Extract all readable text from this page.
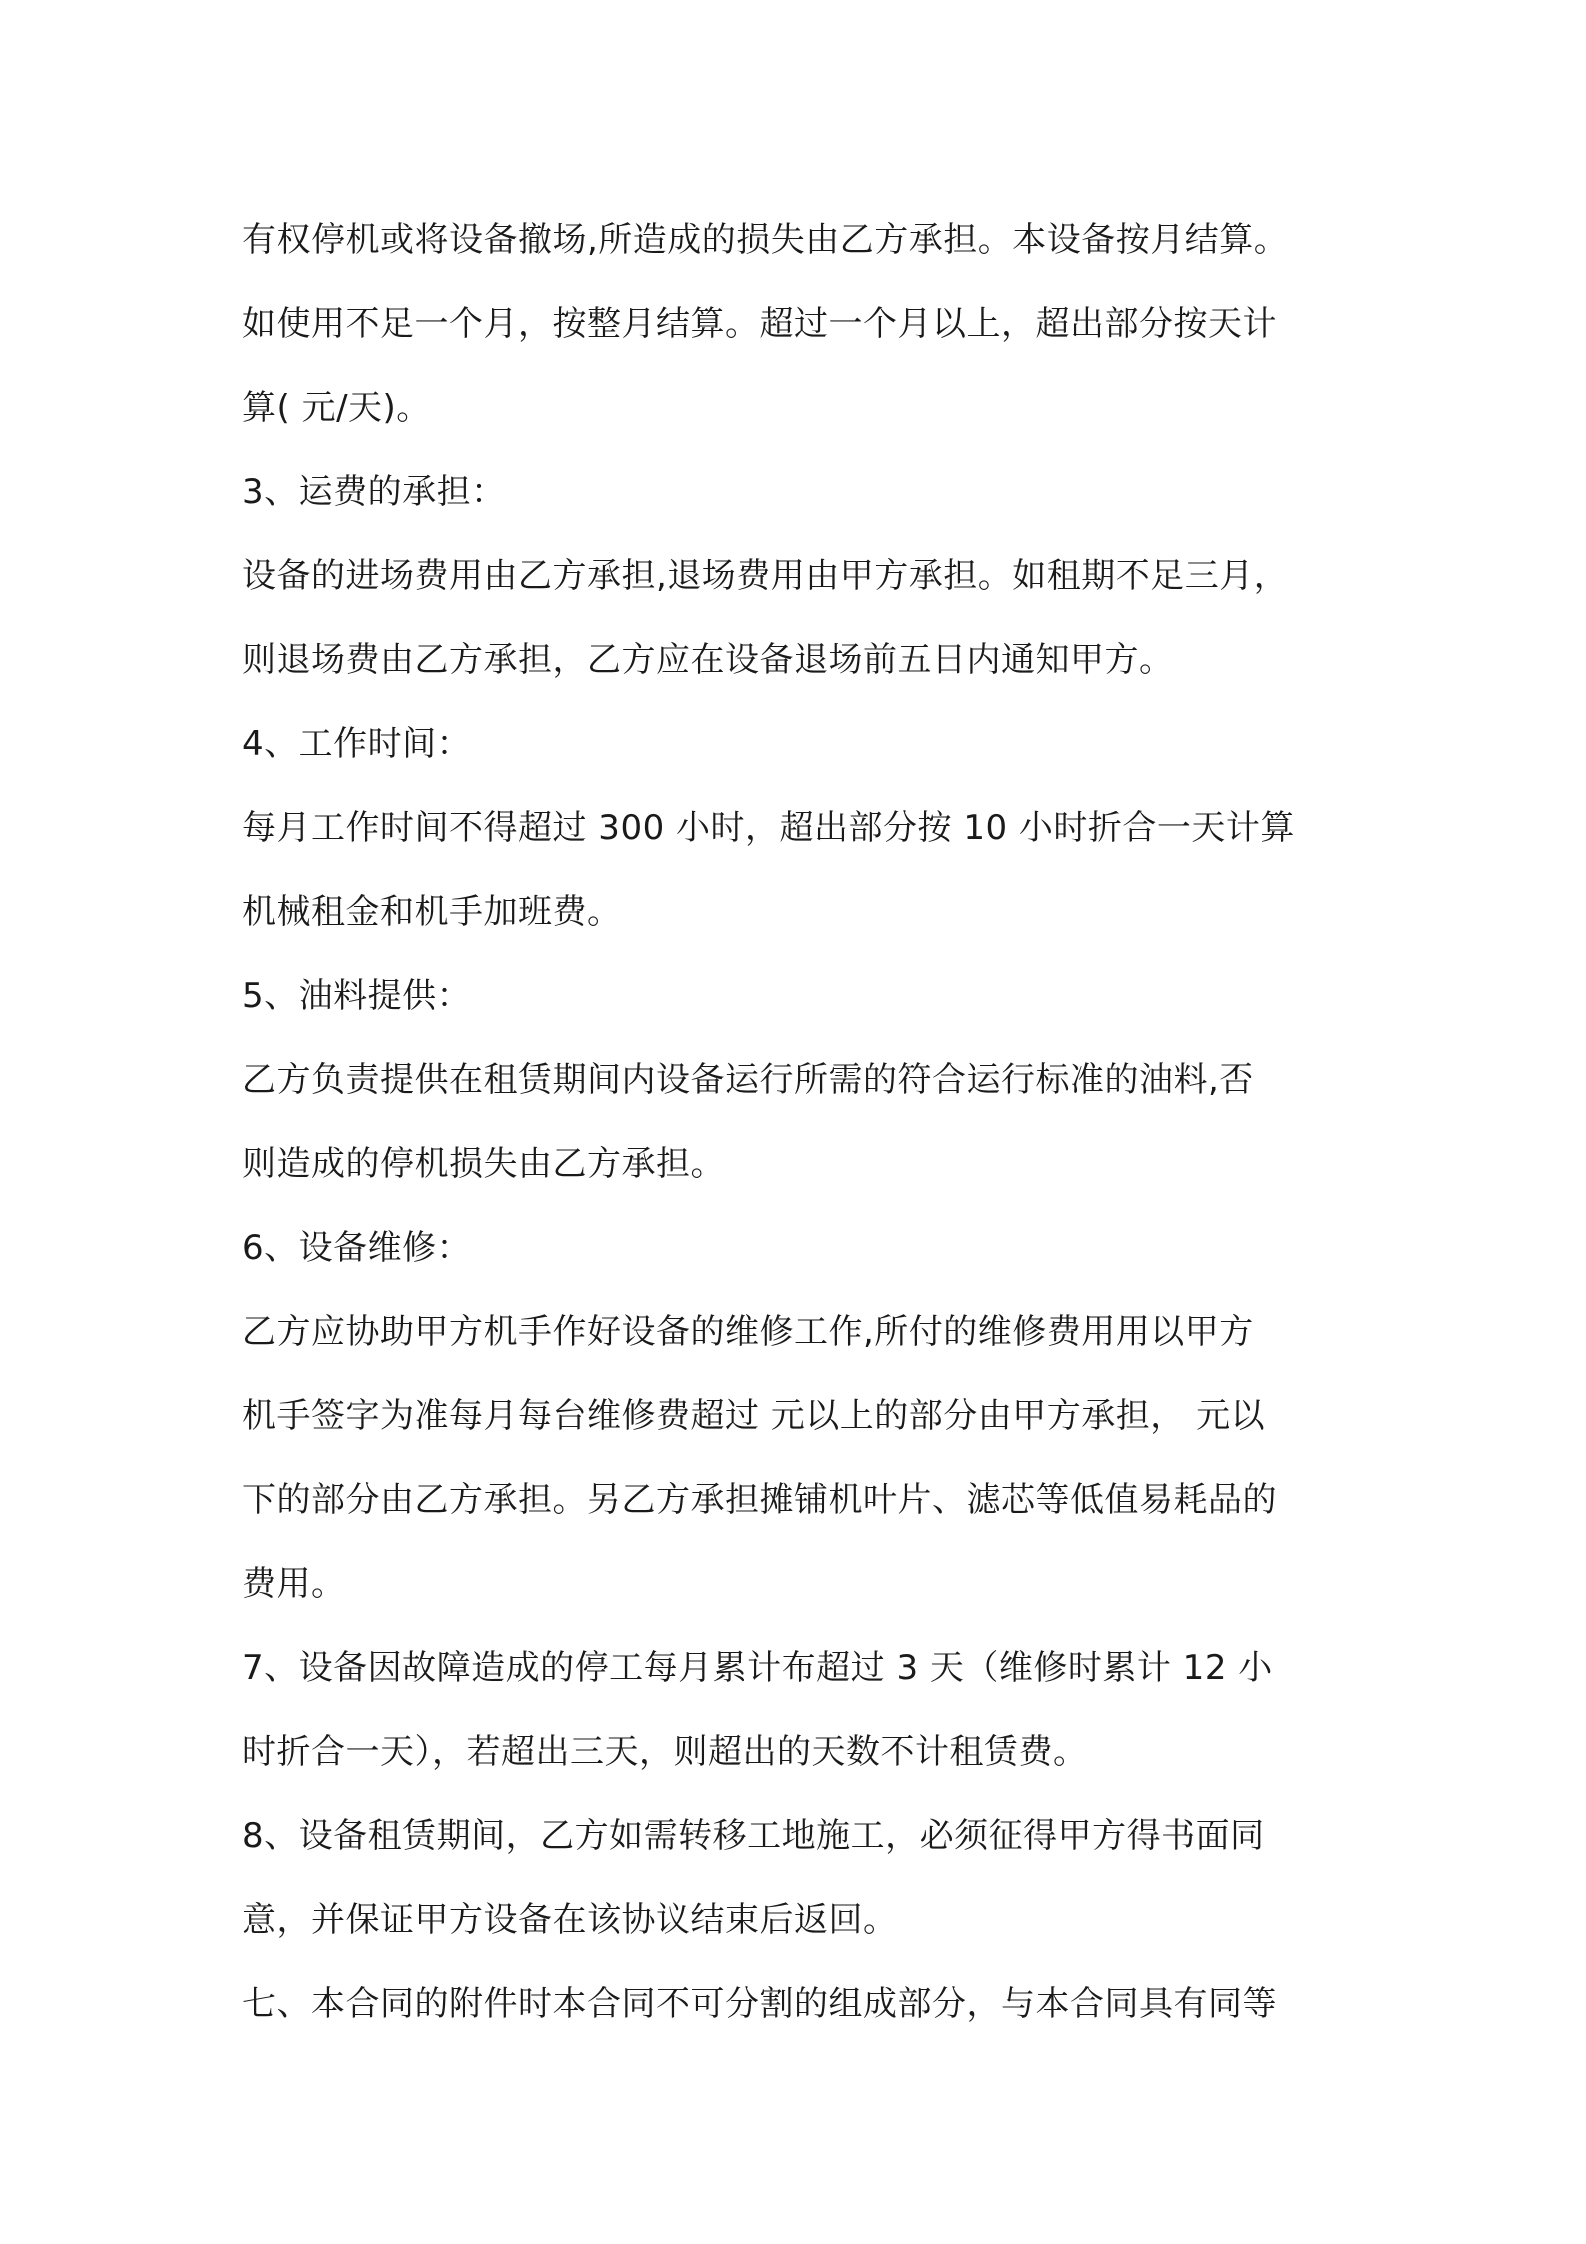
有权停机或将设备撤场,所造成的损失由乙方承担。本设备按月结算。
如使用不足一个月，按整月结算。超过一个月以上，超出部分按天计
算( 元/天)。
3、运费的承担：
设备的进场费用由乙方承担,退场费用由甲方承担。如租期不足三月，
则退场费由乙方承担，乙方应在设备退场前五日内通知甲方。
4、工作时间：
每月工作时间不得超过 300 小时，超出部分按 10 小时折合一天计算
机械租金和机手加班费。
5、油料提供：
乙方负责提供在租赁期间内设备运行所需的符合运行标准的油料,否
则造成的停机损失由乙方承担。
6、设备维修：
乙方应协助甲方机手作好设备的维修工作,所付的维修费用用以甲方
机手签字为准每月每台维修费超过 元以上的部分由甲方承担， 元以
下的部分由乙方承担。另乙方承担摊铺机叶片、滤芯等低值易耗品的
费用。
7、设备因故障造成的停工每月累计布超过 3 天（维修时累计 12 小
时折合一天），若超出三天，则超出的天数不计租赁费。
8、设备租赁期间，乙方如需转移工地施工，必须征得甲方得书面同
意，并保证甲方设备在该协议结束后返回。
七、本合同的附件时本合同不可分割的组成部分，与本合同具有同等
